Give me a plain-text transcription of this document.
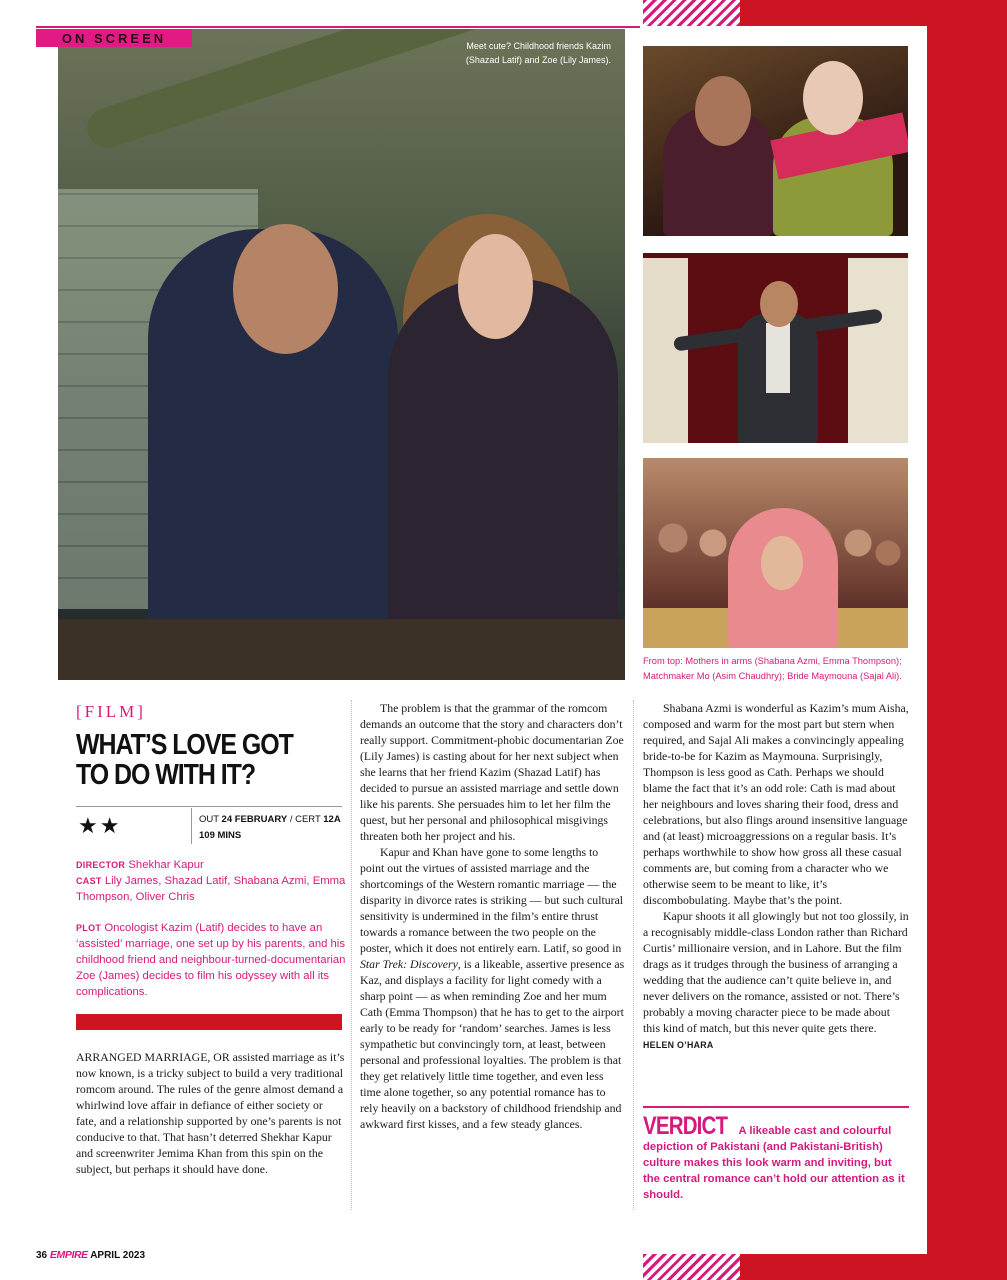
ON SCREEN
Meet cute? Childhood friends Kazim (Shazad Latif) and Zoe (Lily James).
From top: Mothers in arms (Shabana Azmi, Emma Thompson); Matchmaker Mo (Asim Chaudhry); Bride Maymouna (Sajal Ali).
[FILM]
WHAT’S LOVE GOT TO DO WITH IT?
★★	OUT 24 FEBRUARY / CERT 12A
109 MINS
DIRECTOR Shekhar Kapur
CAST Lily James, Shazad Latif, Shabana Azmi, Emma Thompson, Oliver Chris
PLOT Oncologist Kazim (Latif) decides to have an ‘assisted’ marriage, one set up by his parents, and his childhood friend and neighbour-turned-documentarian Zoe (James) decides to film his odyssey with all its complications.

ARRANGED MARRIAGE, OR assisted marriage as it’s now known, is a tricky subject to build a very traditional romcom around. The rules of the genre almost demand a whirlwind love affair in defiance of either society or fate, and a relationship supported by one’s parents is not conducive to that. That hasn’t deterred Shekhar Kapur and screenwriter Jemima Khan from this spin on the subject, but perhaps it should have done.

The problem is that the grammar of the romcom demands an outcome that the story and characters don’t really support. Commitment-phobic documentarian Zoe (Lily James) is casting about for her next subject when she learns that her friend Kazim (Shazad Latif) has decided to pursue an assisted marriage and settle down like his parents. She persuades him to let her film the quest, but her personal and philosophical misgivings threaten both her project and his.

Kapur and Khan have gone to some lengths to point out the virtues of assisted marriage and the shortcomings of the Western romantic marriage — the disparity in divorce rates is striking — but such cultural sensitivity is undermined in the film’s entire thrust towards a romance between the two people on the poster, which it does not entirely earn. Latif, so good in Star Trek: Discovery, is a likeable, assertive presence as Kaz, and displays a facility for light comedy with a sharp point — as when reminding Zoe and her mum Cath (Emma Thompson) that he has to get to the airport early to be ready for ‘random’ searches. James is less sympathetic but convincingly torn, at least, between personal and professional loyalties. The problem is that they get relatively little time together, and even less time alone together, so any potential romance has to rely heavily on a backstory of childhood friendship and awkward first kisses, and a few steady glances.

Shabana Azmi is wonderful as Kazim’s mum Aisha, composed and warm for the most part but stern when required, and Sajal Ali makes a convincingly appealing bride-to-be for Kazim as Maymouna. Surprisingly, Thompson is less good as Cath. Perhaps we should blame the fact that it’s an odd role: Cath is mad about her neighbours and loves sharing their food, dress and celebrations, but also flings around insensitive language and (at least) microaggressions on a regular basis. It’s perhaps worthwhile to show how gross all these casual comments are, but coming from a character who we otherwise seem to be meant to like, it’s discombobulating. Maybe that’s the point.

Kapur shoots it all glowingly but not too glossily, in a recognisably middle-class London rather than Richard Curtis’ millionaire version, and in Lahore. But the film drags as it trudges through the business of arranging a wedding that the audience can’t quite believe in, and never delivers on the romance, assisted or not. There’s probably a moving character piece to be made about this kind of match, but this never quite gets there. HELEN O’HARA

VERDICT A likeable cast and colourful depiction of Pakistani (and Pakistani-British) culture makes this look warm and inviting, but the central romance can’t hold our attention as it should.
36 EMPIRE APRIL 2023
